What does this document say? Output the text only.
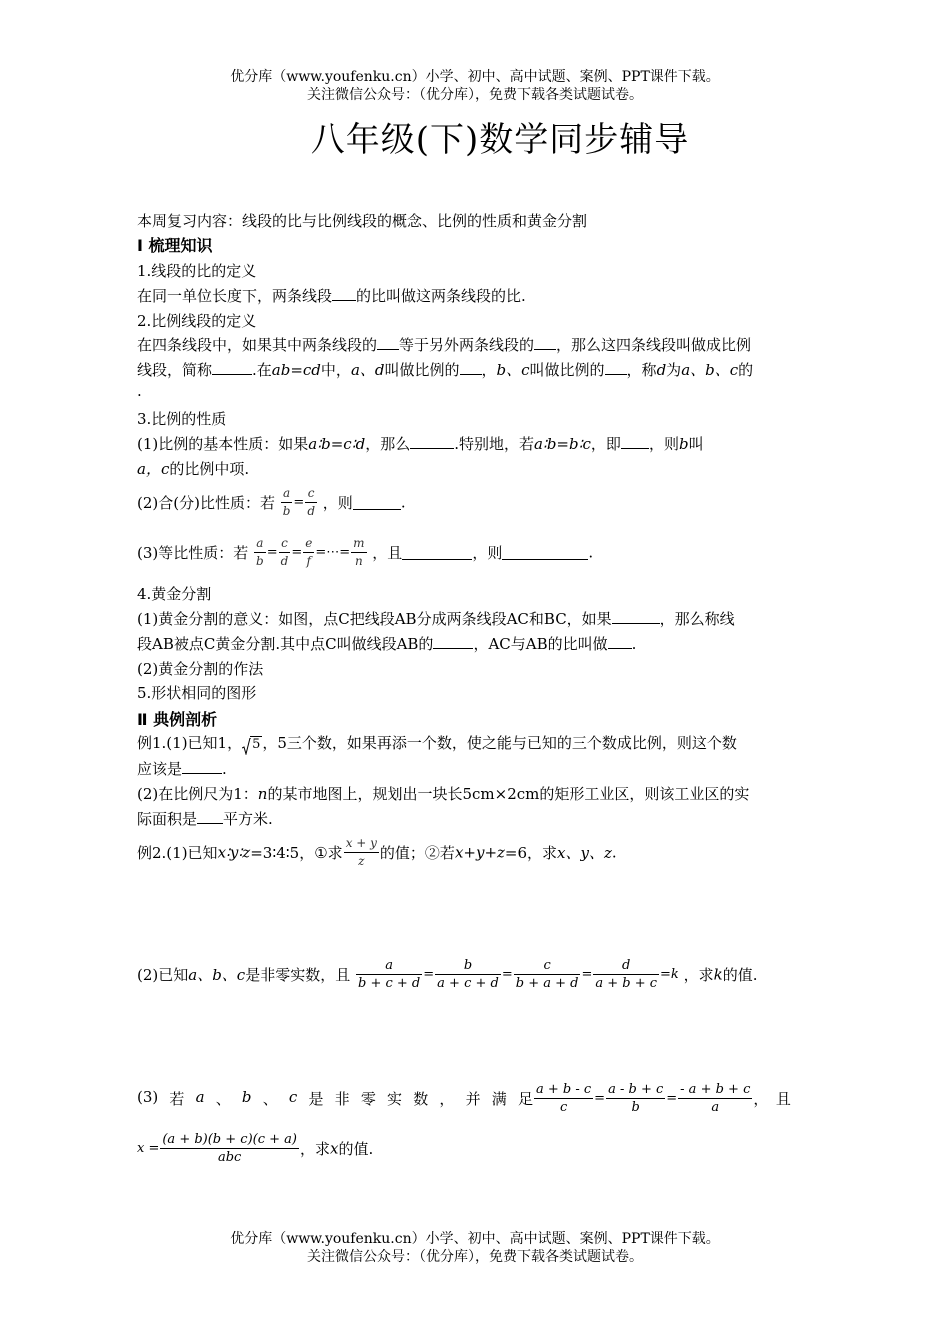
优分库（www.youfenku.cn）小学、初中、高中试题、案例、PPT课件下载。
关注微信公众号：（优分库），免费下载各类试题试卷。
八年级(下)数学同步辅导
本周复习内容：线段的比与比例线段的概念、比例的性质和黄金分割
Ⅰ 梳理知识
1.线段的比的定义
在同一单位长度下，两条线段 的比叫做这两条线段的比.
2.比例线段的定义
在四条线段中，如果其中两条线段的 等于另外两条线段的 ，那么这四条线段叫做成比例
线段，简称	.在ab=cd中，a、d叫做比例的 ，b、c叫做比例的 ，称d为a、b、c的
.
3.比例的性质
(1)比例的基本性质：如果a∶b=c∶d，那么	.特别地，若a∶b=b∶c，即 ，则b叫
a，c的比例中项.
(2)合(分)比性质：若 $\frac{a}{b} = \frac{c}{d}$ ，则	.
(3)等比性质：若 $\frac{a}{b} = \frac{c}{d} = \frac{e}{f}$ =⋯= $\frac{m}{n}$ ，且	，则	.
4.黄金分割
(1)黄金分割的意义：如图，点C把线段AB分成两条线段AC和BC，如果	，那么称线
段AB被点C黄金分割.其中点C叫做线段AB的	，AC与AB的比叫做 .
(2)黄金分割的作法
5.形状相同的图形
Ⅱ 典例剖析
例1.(1)已知1， 5 ，5三个数，如果再添一个数，使之能与已知的三个数成比例，则这个数
应该是	.
(2)在比例尺为1：n的某市地图上，规划出一块长5cm×2cm的矩形工业区，则该工业区的实
际面积是 平方米.
例2.(1)已知x∶y∶z=3∶4∶5，①求 $\frac{x + y}{z}$ 的值；②若x+y+z=6，求x、y、z.
(2)已知a、b、c是非零实数，且 $\frac{a}{b + c + d} = \frac{b}{a + c + d} = \frac{c}{b + a + d} = \frac{d}{a + b + c} =k$ ，求k的值.
(3) 若 a 、 b 、 c 是 非 零 实 数 ， 并 满 足 $\frac{a + b - c}{c} = \frac{a - b + c}{b} = \frac{- a + b + c}{a}$ ，　且
$x = \frac{(a + b)(b + c)(c + a)}{\text{abc}}$ ，求x的值.
优分库（www.youfenku.cn）小学、初中、高中试题、案例、PPT课件下载。
关注微信公众号：（优分库），免费下载各类试题试卷。
